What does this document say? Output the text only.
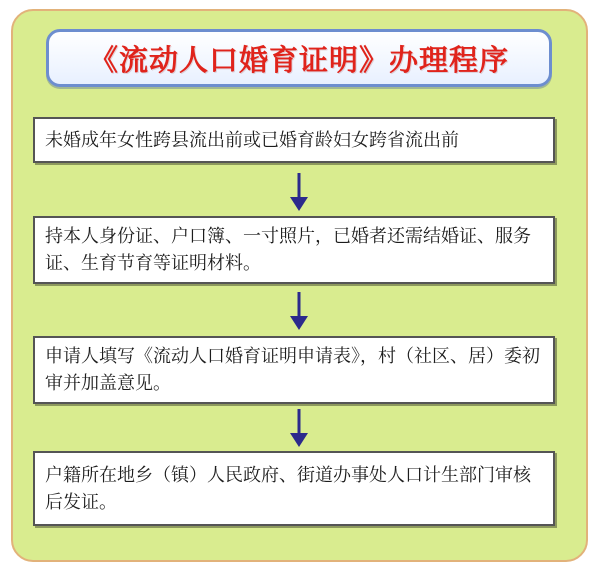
《流动人口婚育证明》办理程序
未婚成年女性跨县流出前或已婚育龄妇女跨省流出前
持本人身份证、户口簿、一寸照片，已婚者还需结婚证、服务证、生育节育等证明材料。
申请人填写《流动人口婚育证明申请表》，村（社区、居）委初审并加盖意见。
户籍所在地乡（镇）人民政府、街道办事处人口计生部门审核后发证。
